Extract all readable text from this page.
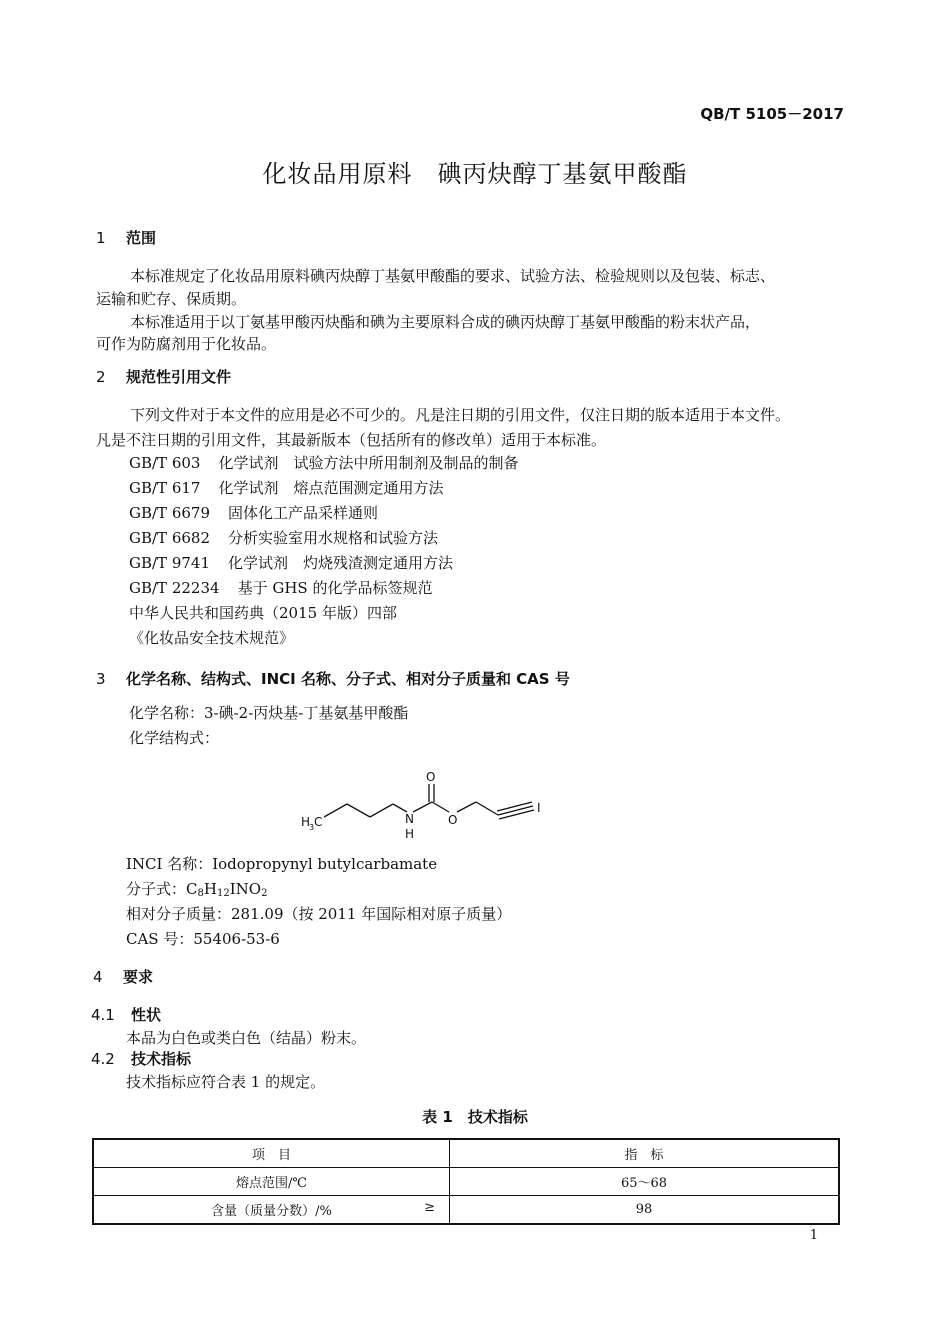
QB/T 5105－2017
化妆品用原料　碘丙炔醇丁基氨甲酸酯
1 范围
本标准规定了化妆品用原料碘丙炔醇丁基氨甲酸酯的要求、试验方法、检验规则以及包装、标志、
运输和贮存、保质期。
本标准适用于以丁氨基甲酸丙炔酯和碘为主要原料合成的碘丙炔醇丁基氨甲酸酯的粉末状产品，
可作为防腐剂用于化妆品。
2 规范性引用文件
下列文件对于本文件的应用是必不可少的。凡是注日期的引用文件，仅注日期的版本适用于本文件。
凡是不注日期的引用文件，其最新版本（包括所有的修改单）适用于本标准。
GB/T 603 化学试剂　试验方法中所用制剂及制品的制备
GB/T 617 化学试剂　熔点范围测定通用方法
GB/T 6679 固体化工产品采样通则
GB/T 6682 分析实验室用水规格和试验方法
GB/T 9741 化学试剂　灼烧残渣测定通用方法
GB/T 22234 基于 GHS 的化学品标签规范
中华人民共和国药典（2015 年版）四部
《化妆品安全技术规范》
3 化学名称、结构式、INCI 名称、分子式、相对分子质量和 CAS 号
化学名称：3-碘-2-丙炔基-丁基氨基甲酸酯
化学结构式：
H
3 C	N
H
O
O
I
INCI 名称：Iodopropynyl butylcarbamate
分子式：$C_8H_{12}INO_2$
相对分子质量：281.09（按 2011 年国际相对原子质量）
CAS 号：55406-53-6
4 要求
4.1 性状
本品为白色或类白色（结晶）粉末。
4.2 技术指标
技术指标应符合表 1 的规定。
表 1　技术指标
项　目	指　标

熔点范围/℃	65～68

含量（质量分数）/% ≥	98
1
